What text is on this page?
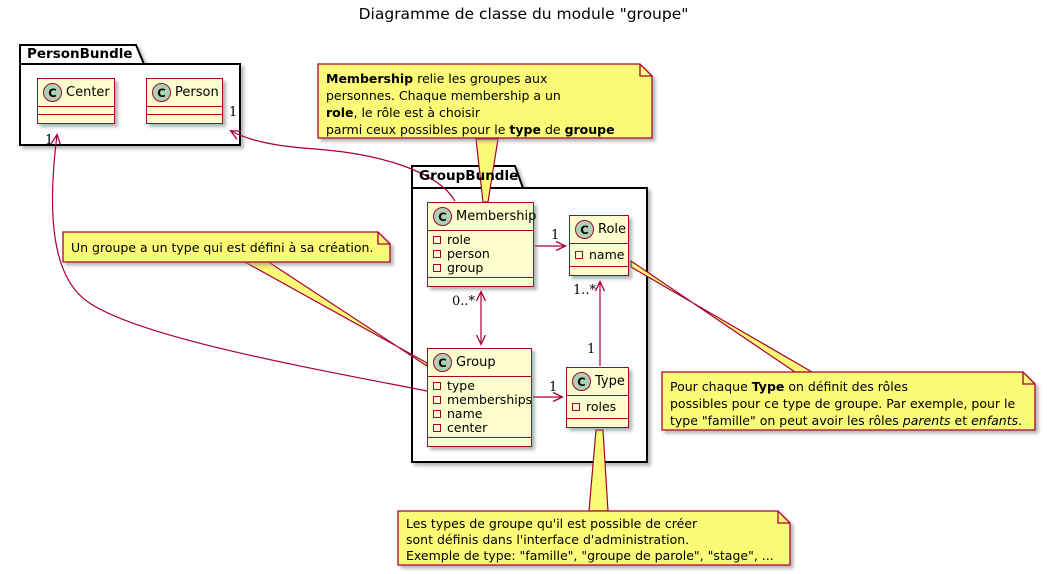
Diagramme de classe du module "groupe"
PersonBundle
GroupBundle
C Center	C Person
C Membership
role
person
group
C Role
name
C Group
type
memberships
name
center
C Type
roles
Membership relie les groupes aux
personnes. Chaque membership a un
role, le rôle est à choisir
parmi ceux possibles pour le type de groupe
Un groupe a un type qui est défini à sa création.
Pour chaque Type on définit des rôles
possibles pour ce type de groupe. Par exemple, pour le
type "famille" on peut avoir les rôles parents et enfants.
Les types de groupe qu'il est possible de créer
sont définis dans l'interface d'administration.
Exemple de type: "famille", "groupe de parole", "stage", ...
1
1
1
1..*
1
0..*
1
